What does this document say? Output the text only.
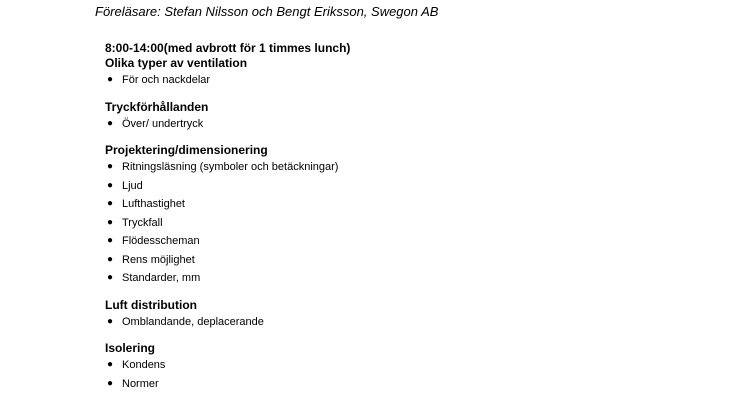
Föreläsare: Stefan Nilsson och Bengt Eriksson, Swegon AB
8:00-14:00(med avbrott för 1 timmes lunch)
Olika typer av ventilation
● För och nackdelar
Tryckförhållanden
● Över/ undertryck
Projektering/dimensionering
● Ritningsläsning (symboler och betäckningar)
● Ljud
● Lufthastighet
● Tryckfall
● Flödesscheman
● Rens möjlighet
● Standarder, mm
Luft distribution
● Omblandande, deplacerande
Isolering
● Kondens
● Normer
